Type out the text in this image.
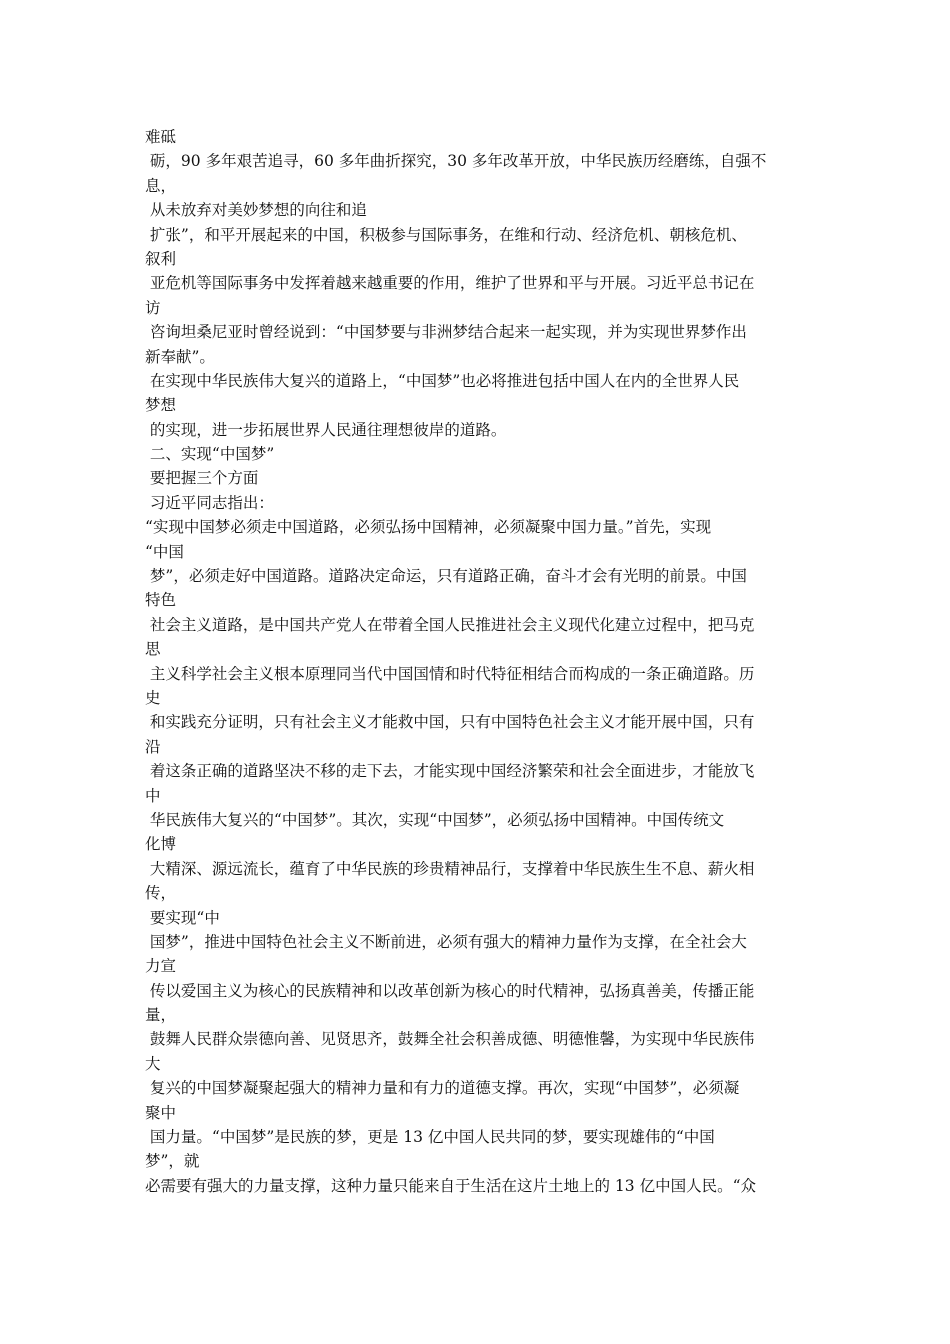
难砥
砺，90 多年艰苦追寻，60 多年曲折探究，30 多年改革开放，中华民族历经磨练，自强不
息，
从未放弃对美妙梦想的向往和追
扩张”，和平开展起来的中国，积极参与国际事务，在维和行动、经济危机、朝核危机、
叙利
亚危机等国际事务中发挥着越来越重要的作用，维护了世界和平与开展。习近平总书记在
访
咨询坦桑尼亚时曾经说到：“中国梦要与非洲梦结合起来一起实现，并为实现世界梦作出
新奉献”。
在实现中华民族伟大复兴的道路上，“中国梦”也必将推进包括中国人在内的全世界人民
梦想
的实现，进一步拓展世界人民通往理想彼岸的道路。
二、实现“中国梦”
要把握三个方面
习近平同志指出：
“实现中国梦必须走中国道路，必须弘扬中国精神，必须凝聚中国力量。”首先，实现
“中国
梦”，必须走好中国道路。道路决定命运，只有道路正确，奋斗才会有光明的前景。中国
特色
社会主义道路，是中国共产党人在带着全国人民推进社会主义现代化建立过程中，把马克
思
主义科学社会主义根本原理同当代中国国情和时代特征相结合而构成的一条正确道路。历
史
和实践充分证明，只有社会主义才能救中国，只有中国特色社会主义才能开展中国，只有
沿
着这条正确的道路坚决不移的走下去，才能实现中国经济繁荣和社会全面进步，才能放飞
中
华民族伟大复兴的“中国梦”。其次，实现“中国梦”，必须弘扬中国精神。中国传统文
化博
大精深、源远流长，蕴育了中华民族的珍贵精神品行，支撑着中华民族生生不息、薪火相
传，
要实现“中
国梦”，推进中国特色社会主义不断前进，必须有强大的精神力量作为支撑，在全社会大
力宣
传以爱国主义为核心的民族精神和以改革创新为核心的时代精神，弘扬真善美，传播正能
量，
鼓舞人民群众崇德向善、见贤思齐，鼓舞全社会积善成德、明德惟馨，为实现中华民族伟
大
复兴的中国梦凝聚起强大的精神力量和有力的道德支撑。再次，实现“中国梦”，必须凝
聚中
国力量。“中国梦”是民族的梦，更是 13 亿中国人民共同的梦，要实现雄伟的“中国
梦”，就
必需要有强大的力量支撑，这种力量只能来自于生活在这片土地上的 13 亿中国人民。“众
